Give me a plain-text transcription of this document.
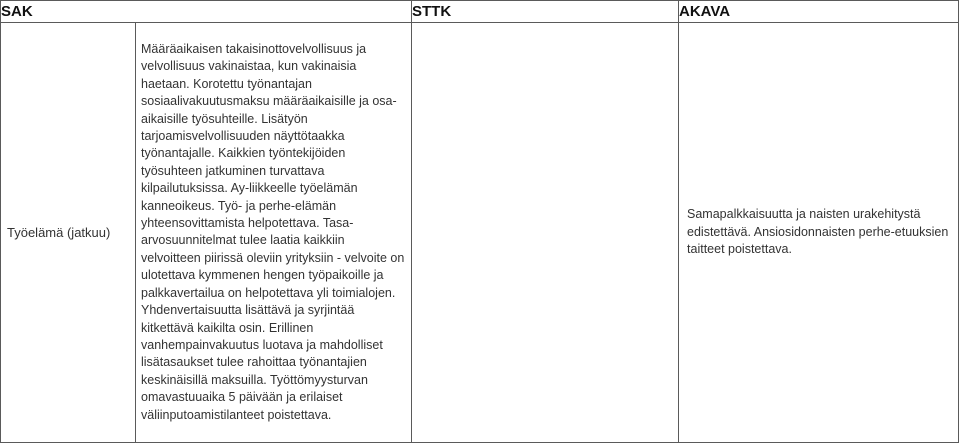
SAK		STTK	AKAVA
Työelämä (jatkuu)	Määräaikaisen takaisinottovelvollisuus ja velvollisuus vakinaistaa, kun vakinaisia haetaan. Korotettu työnantajan sosiaalivakuutusmaksu määräaikaisille ja osa-aikaisille työsuhteille. Lisätyön tarjoamisvelvollisuuden näyttötaakka työnantajalle. Kaikkien työntekijöiden työsuhteen jatkuminen turvattava kilpailutuksissa. Ay-liikkeelle työelämän kanneoikeus. Työ- ja perhe-elämän yhteensovittamista helpotettava. Tasa-arvosuunnitelmat tulee laatia kaikkiin velvoitteen piirissä oleviin yrityksiin - velvoite on ulotettava kymmenen hengen työpaikoille ja palkkavertailua on helpotettava yli toimialojen. Yhdenvertaisuutta lisättävä ja syrjintää kitkettävä kaikilta osin. Erillinen vanhempainvakuutus luotava ja mahdolliset lisätasaukset tulee rahoittaa työnantajien keskinäisillä maksuilla. Työttömyysturvan omavastuuaika 5 päivään ja erilaiset väliinputoamistilanteet poistettava.		Samapalkkaisuutta ja naisten urakehitystä edistettävä. Ansiosidonnaisten perhe-etuuksien taitteet poistettava.
